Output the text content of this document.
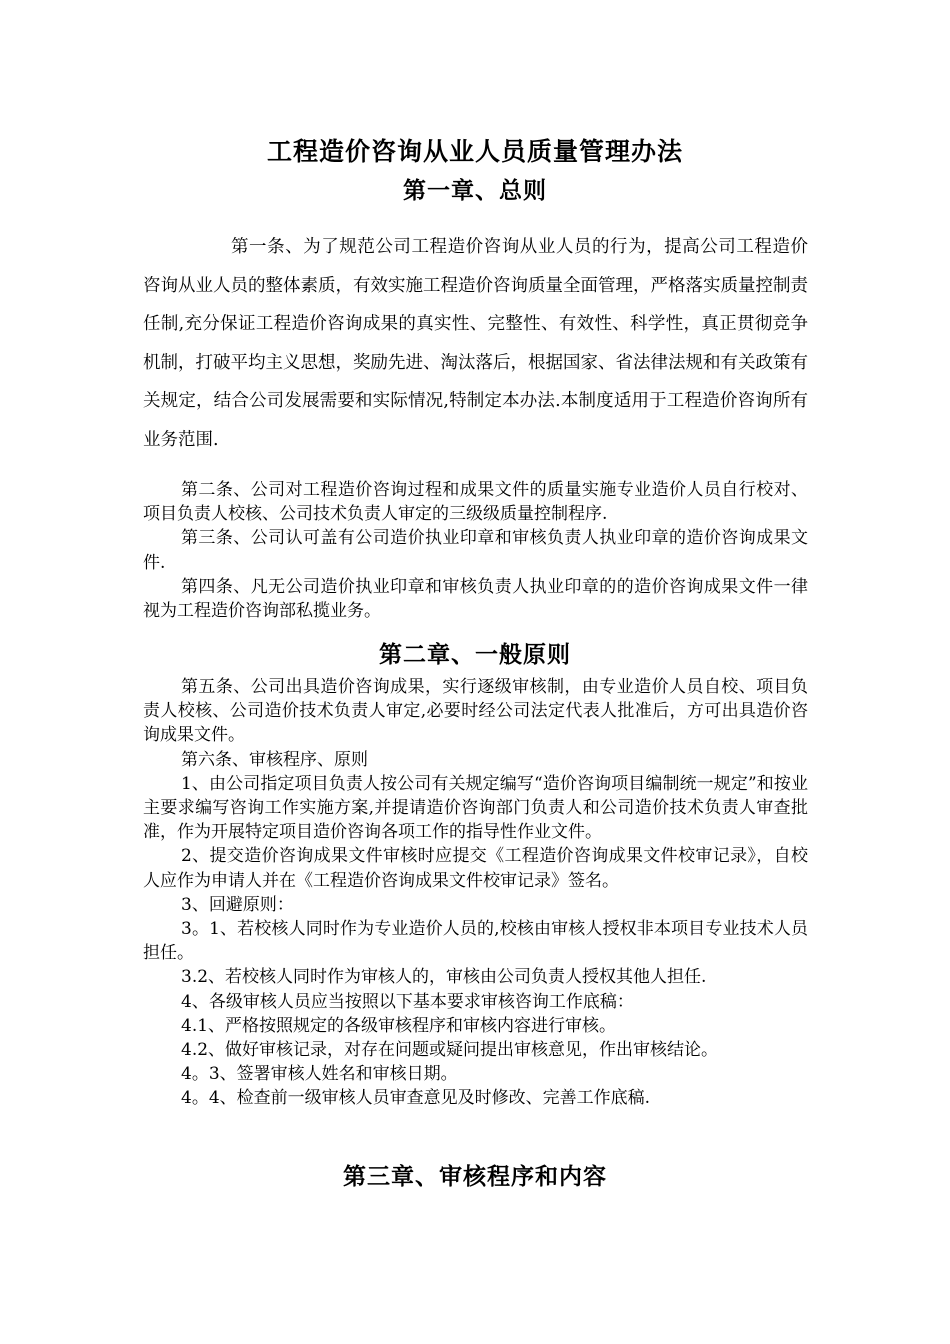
工程造价咨询从业人员质量管理办法
第一章、总则

第一条、为了规范公司工程造价咨询从业人员的行为，提高公司工程造价咨询从业人员的整体素质，有效实施工程造价咨询质量全面管理，严格落实质量控制责任制,充分保证工程造价咨询成果的真实性、完整性、有效性、科学性，真正贯彻竞争机制，打破平均主义思想，奖励先进、淘汰落后，根据国家、省法律法规和有关政策有关规定，结合公司发展需要和实际情况,特制定本办法.本制度适用于工程造价咨询所有业务范围.

第二条、公司对工程造价咨询过程和成果文件的质量实施专业造价人员自行校对、项目负责人校核、公司技术负责人审定的三级级质量控制程序.

第三条、公司认可盖有公司造价执业印章和审核负责人执业印章的造价咨询成果文件.

第四条、凡无公司造价执业印章和审核负责人执业印章的的造价咨询成果文件一律视为工程造价咨询部私揽业务。

第二章、一般原则

第五条、公司出具造价咨询成果，实行逐级审核制，由专业造价人员自校、项目负责人校核、公司造价技术负责人审定,必要时经公司法定代表人批准后，方可出具造价咨询成果文件。

第六条、审核程序、原则

1、由公司指定项目负责人按公司有关规定编写“造价咨询项目编制统一规定”和按业主要求编写咨询工作实施方案,并提请造价咨询部门负责人和公司造价技术负责人审查批准，作为开展特定项目造价咨询各项工作的指导性作业文件。

2、提交造价咨询成果文件审核时应提交《工程造价咨询成果文件校审记录》，自校人应作为申请人并在《工程造价咨询成果文件校审记录》签名。

3、回避原则：

3。1、若校核人同时作为专业造价人员的,校核由审核人授权非本项目专业技术人员担任。

3.2、若校核人同时作为审核人的，审核由公司负责人授权其他人担任.

4、各级审核人员应当按照以下基本要求审核咨询工作底稿：

4.1、严格按照规定的各级审核程序和审核内容进行审核。

4.2、做好审核记录，对存在问题或疑问提出审核意见，作出审核结论。

4。3、签署审核人姓名和审核日期。

4。4、检查前一级审核人员审查意见及时修改、完善工作底稿.

第三章、审核程序和内容
